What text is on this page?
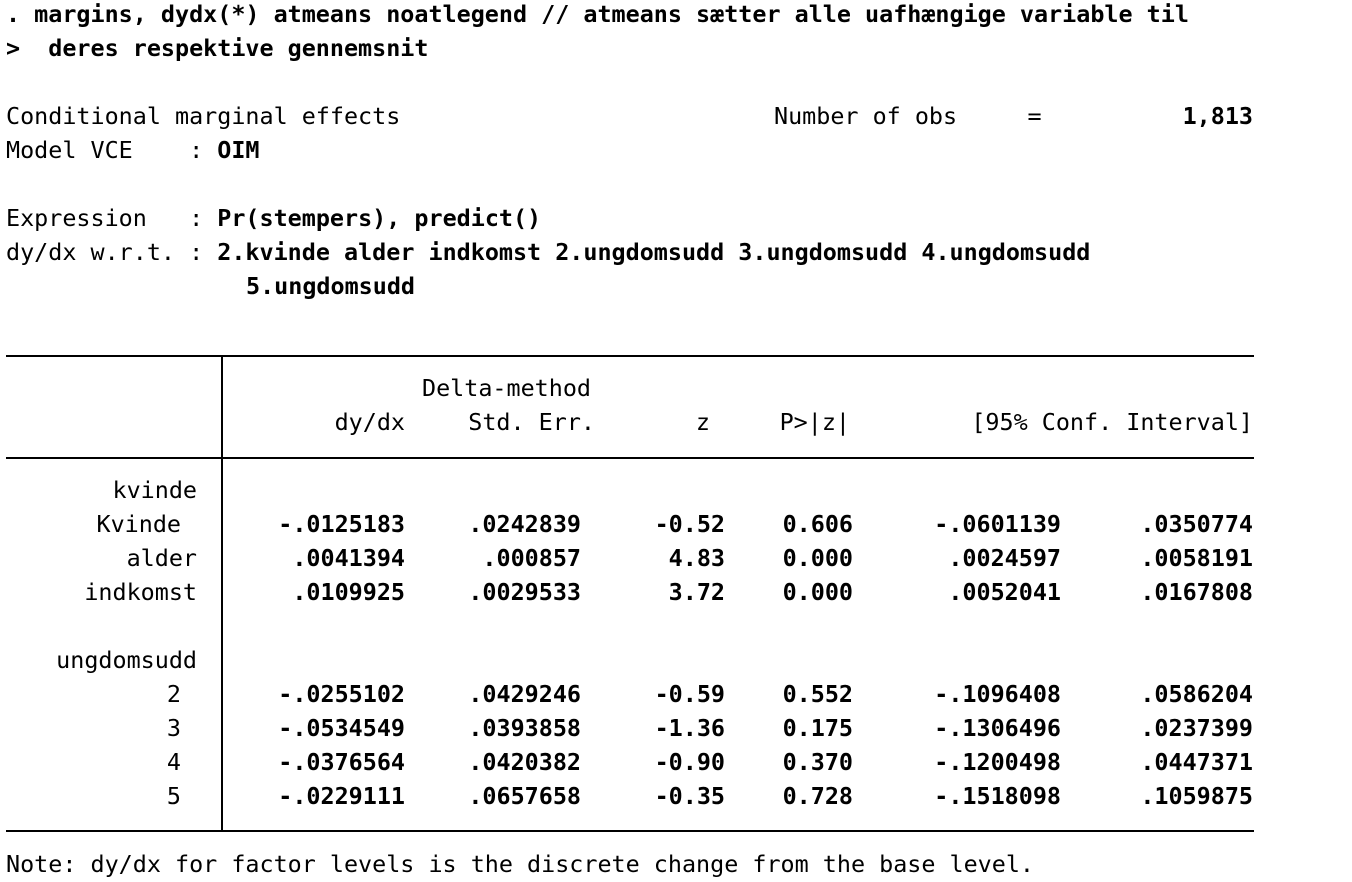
. margins, dydx(*) atmeans noatlegend // atmeans sætter alle uafhængige variable til
>  deres respektive gennemsnit
Conditional marginal effects	Number of obs     =	1,813
Model VCE    : OIM
Expression   : Pr(stempers), predict()
dy/dx w.r.t. : 2.kvinde alder indkomst 2.ungdomsudd 3.ungdomsudd 4.ungdomsudd
5.ungdomsudd
Delta-method
dy/dx	Std. Err.	z	P>|z|	[95% Conf. Interval]
kvinde
Kvinde	-.0125183	.0242839	-0.52	0.606	-.0601139	.0350774
alder	.0041394	.000857	4.83	0.000	.0024597	.0058191
indkomst	.0109925	.0029533	3.72	0.000	.0052041	.0167808
ungdomsudd
2	-.0255102	.0429246	-0.59	0.552	-.1096408	.0586204
3	-.0534549	.0393858	-1.36	0.175	-.1306496	.0237399
4	-.0376564	.0420382	-0.90	0.370	-.1200498	.0447371
5	-.0229111	.0657658	-0.35	0.728	-.1518098	.1059875
Note: dy/dx for factor levels is the discrete change from the base level.
